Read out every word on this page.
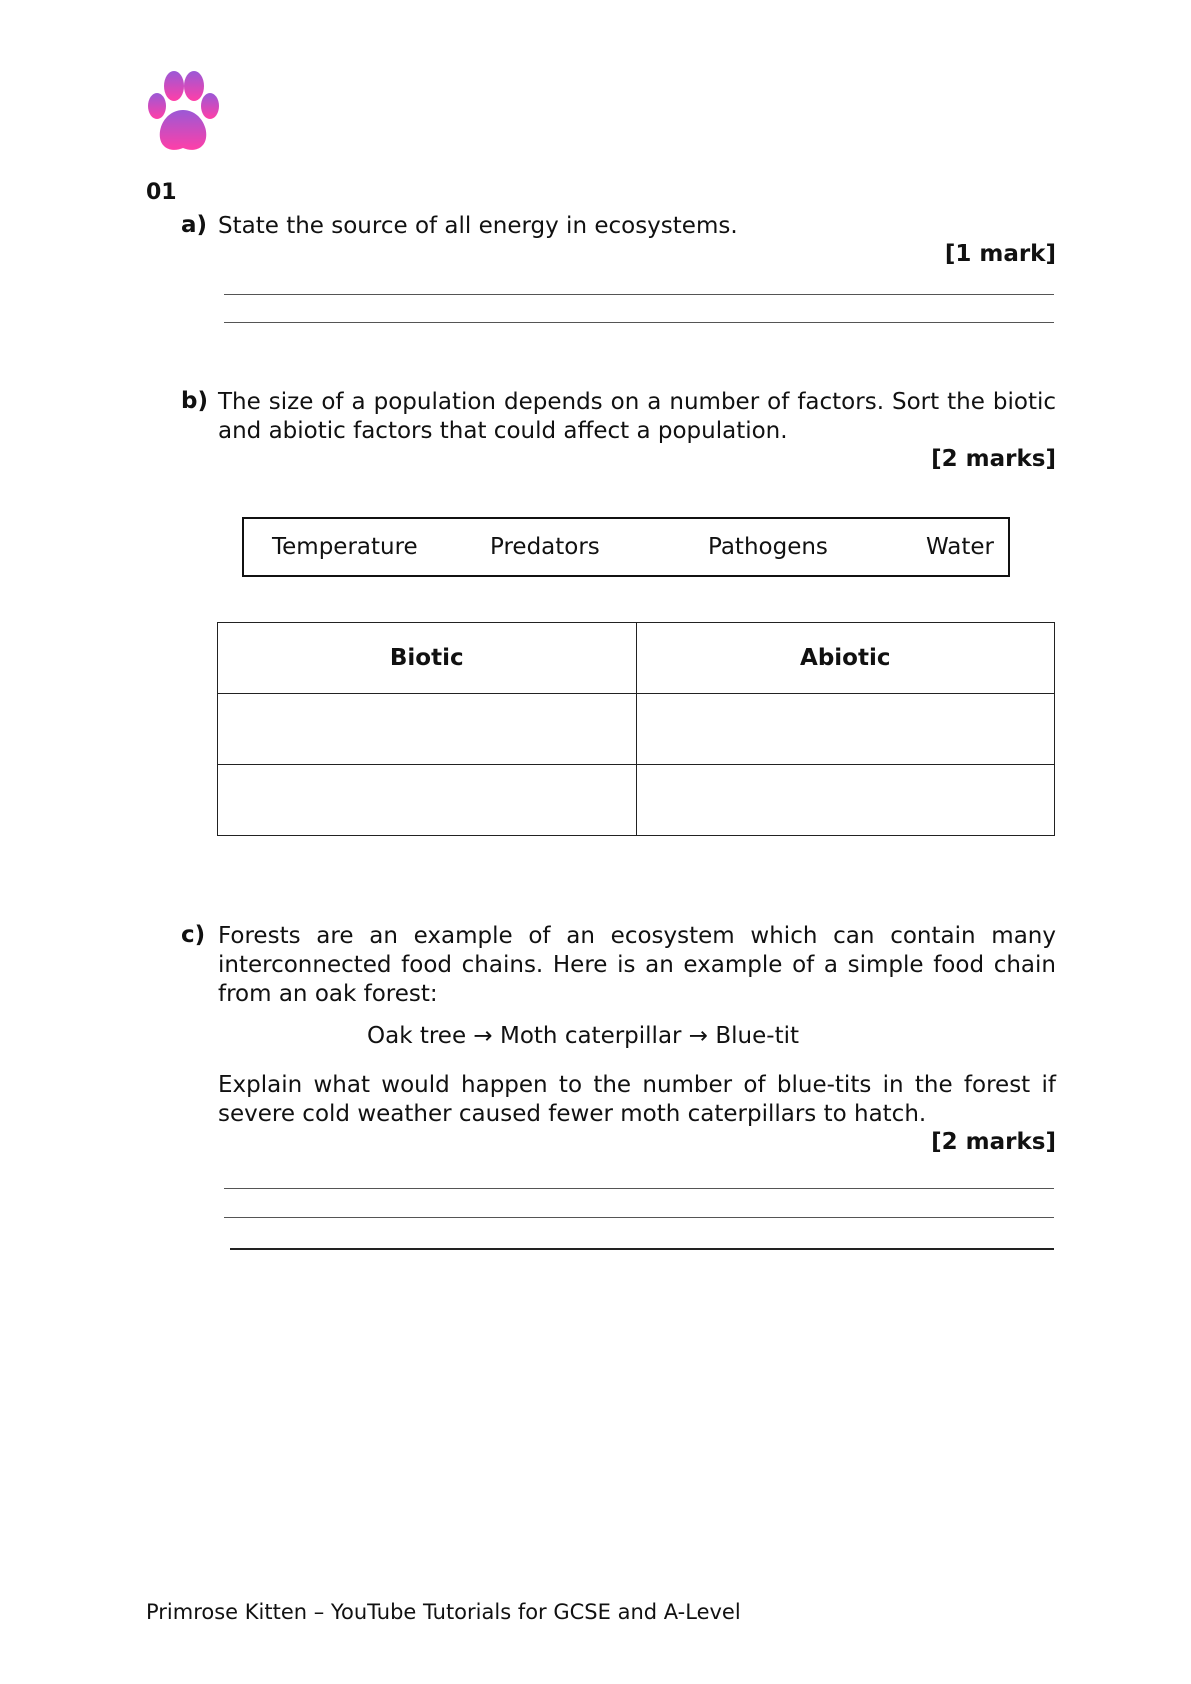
01
a) State the source of all energy in ecosystems.
[1 mark]
b) The size of a population depends on a number of factors. Sort the biotic and abiotic factors that could affect a population.
[2 marks]
Temperature	Predators	Pathogens	Water
Biotic	Abiotic

c) Forests are an example of an ecosystem which can contain many interconnected food chains. Here is an example of a simple food chain from an oak forest:
Oak tree → Moth caterpillar → Blue-tit
Explain what would happen to the number of blue-tits in the forest if severe cold weather caused fewer moth caterpillars to hatch.
[2 marks]
Primrose Kitten – YouTube Tutorials for GCSE and A-Level
